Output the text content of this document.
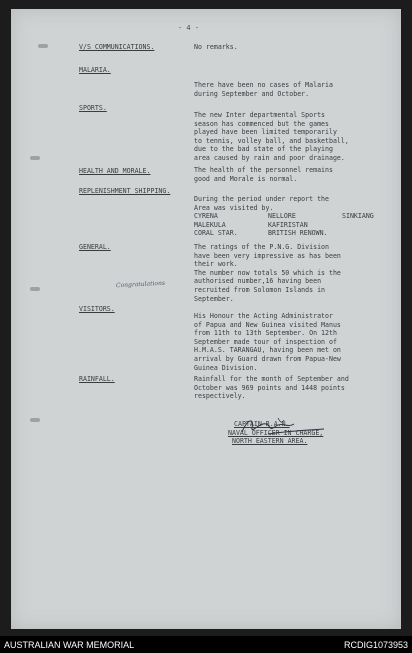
- 4 -
V/S COMMUNICATIONS.	No remarks.
MALARIA.
There have been no cases of Malaria
during September and October.
SPORTS.
The new Inter departmental Sports
season has commenced but the games
played have been limited temporarily
to tennis, volley ball, and basketball,
due to the bad state of the playing
area caused by rain and poor drainage.
HEALTH AND MORALE.	The health of the personnel remains
good and Morale is normal.
REPLENISHMENT SHIPPING.
During the period under report the
Area was visited by.
CYRENA	NELLORE	SINKIANG
MALEKULA	KAFIRISTAN
CORAL STAR.	BRITISH RENOWN.
GENERAL.	The ratings of the P.N.G. Division
have been very impressive as has been
their work.
The number now totals 50 which is the
authorised number,16 having been
recruited from Solomon Islands in
September.
Congratulations
VISITORS.
His Honour the Acting Administrator
of Papua and New Guinea visited Manus
from 11th to 13th September. On 12th
September made tour of inspection of
H.M.A.S. TARANGAU, having been met on
arrival by Guard drawn from Papua-New
Guinea Division.
RAINFALL.	Rainfall for the month of September and
October was 969 points and 1448 points
respectively.
CAPTAIN R.A.N.
NAVAL OFFICER IN CHARGE,
NORTH EASTERN AREA.
AUSTRALIAN WAR MEMORIAL	RCDIG1073953
